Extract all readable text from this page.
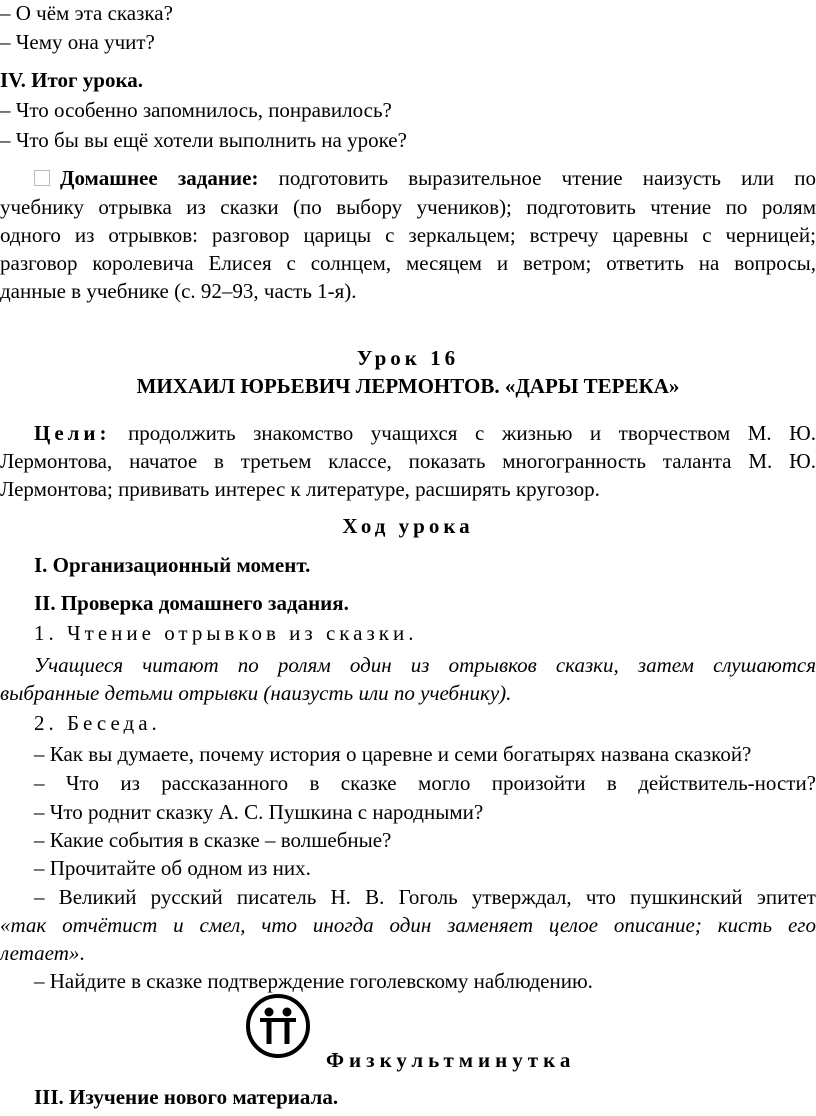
– О чём эта сказка?
– Чему она учит?
IV. Итог урока.
– Что особенно запомнилось, понравилось?
– Что бы вы ещё хотели выполнить на уроке?
Домашнее задание: подготовить выразительное чтение наизусть или по
учебнику отрывка из сказки (по выбору учеников); подготовить чтение по ролям
одного из отрывков: разговор царицы с зеркальцем; встречу царевны с черницей;
разговор королевича Елисея с солнцем, месяцем и ветром; ответить на вопросы,
данные в учебнике (с. 92–93, часть 1-я).
Урок 16
МИХАИЛ ЮРЬЕВИЧ ЛЕРМОНТОВ. «ДАРЫ ТЕРЕКА»
Цели: продолжить знакомство учащихся с жизнью и творчеством М. Ю.
Лермонтова, начатое в третьем классе, показать многогранность таланта М. Ю.
Лермонтова; прививать интерес к литературе, расширять кругозор.
Ход урока
I. Организационный момент.
II. Проверка домашнего задания.
1. Чтение отрывков из сказки.
Учащиеся читают по ролям один из отрывков сказки, затем слушаются
выбранные детьми отрывки (наизусть или по учебнику).
2. Беседа.
– Как вы думаете, почему история о царевне и семи богатырях названа сказкой?
– Что из рассказанного в сказке могло произойти в действитель-ности?
– Что роднит сказку А. С. Пушкина с народными?
– Какие события в сказке – волшебные?
– Прочитайте об одном из них.
– Великий русский писатель Н. В. Гоголь утверждал, что пушкинский эпитет
«так отчётист и смел, что иногда один заменяет целое описание; кисть его
летает».
– Найдите в сказке подтверждение гоголевскому наблюдению.
Физкультминутка
III. Изучение нового материала.
